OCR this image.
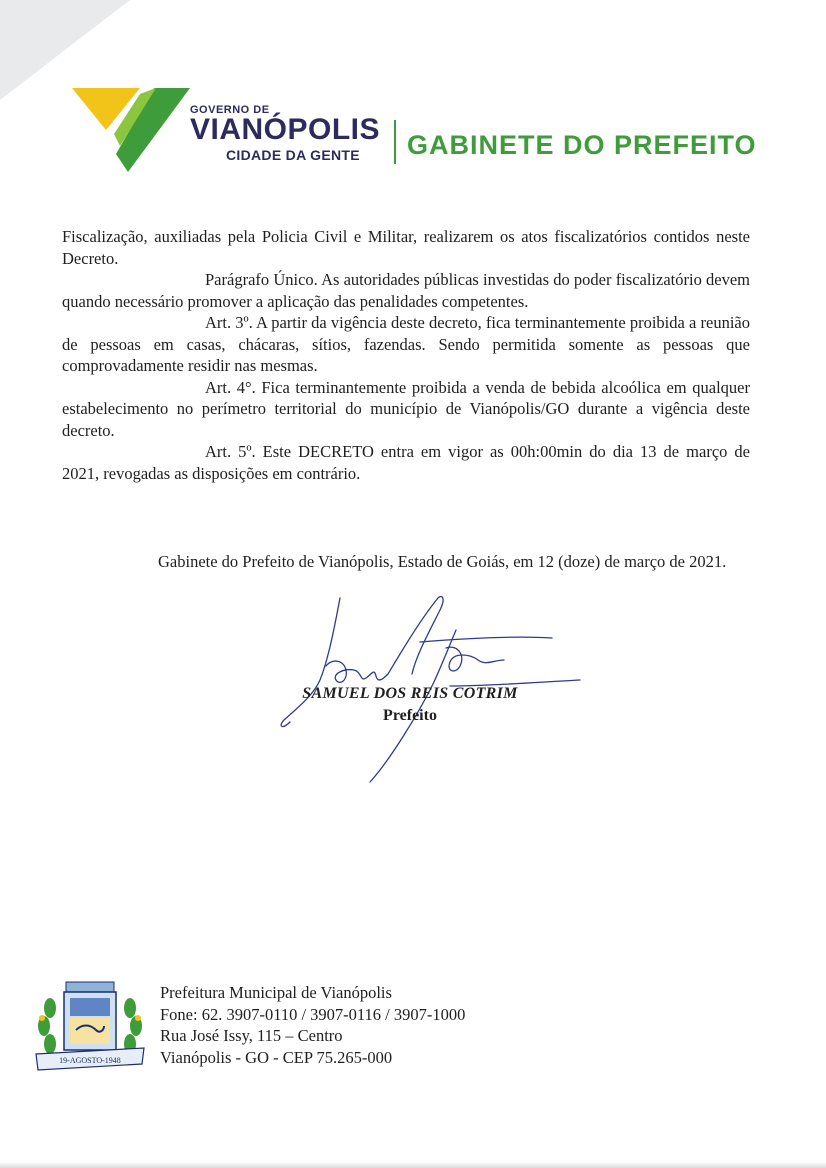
GOVERNO DE
VIANÓPOLIS
CIDADE DA GENTE GABINETE DO PREFEITO

Fiscalização, auxiliadas pela Policia Civil e Militar, realizarem os atos fiscalizatórios contidos neste Decreto.

Parágrafo Único. As autoridades públicas investidas do poder fiscalizatório devem quando necessário promover a aplicação das penalidades competentes.

Art. 3º. A partir da vigência deste decreto, fica terminantemente proibida a reunião de pessoas em casas, chácaras, sítios, fazendas. Sendo permitida somente as pessoas que comprovadamente residir nas mesmas.

Art. 4°. Fica terminantemente proibida a venda de bebida alcoólica em qualquer estabelecimento no perímetro territorial do município de Vianópolis/GO durante a vigência deste decreto.

Art. 5º. Este DECRETO entra em vigor as 00h:00min do dia 13 de março de 2021, revogadas as disposições em contrário.

Gabinete do Prefeito de Vianópolis, Estado de Goiás, em 12 (doze) de março de 2021.

SAMUEL DOS REIS COTRIM
Prefeito
19-AGOSTO-1948
Prefeitura Municipal de Vianópolis
Fone: 62. 3907-0110 / 3907-0116 / 3907-1000
Rua José Issy, 115 – Centro
Vianópolis - GO - CEP 75.265-000
